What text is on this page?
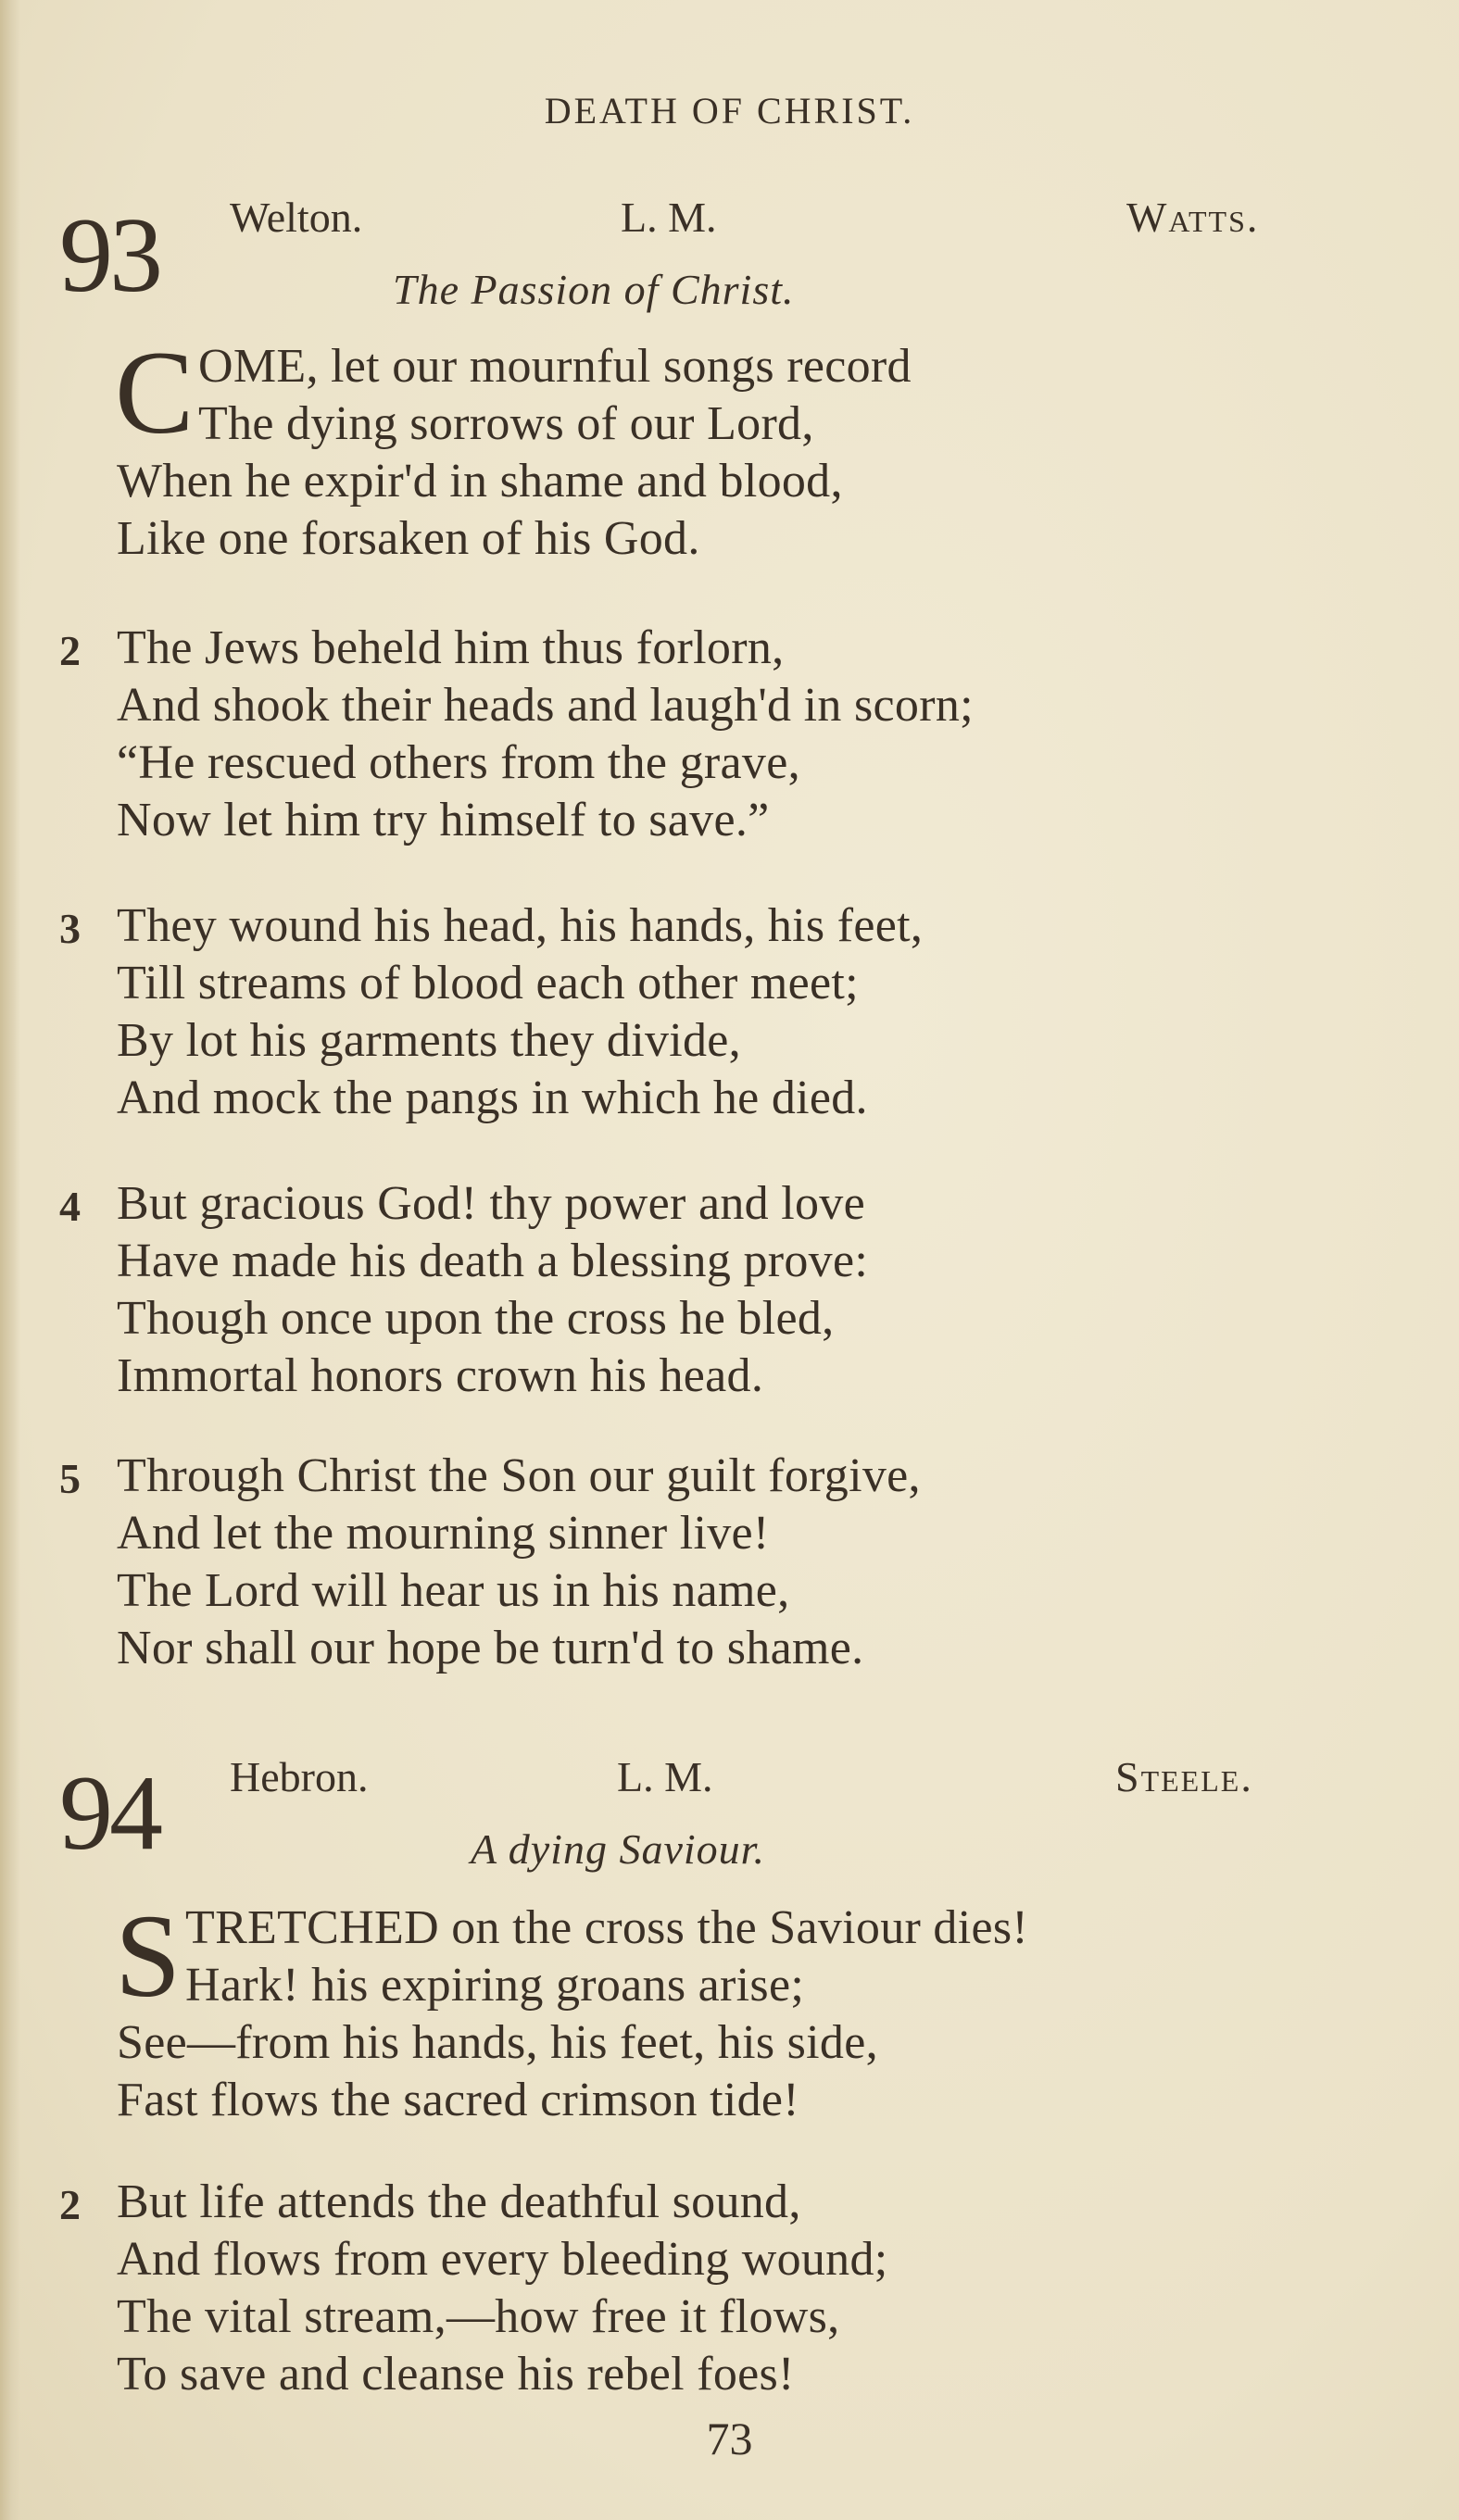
DEATH OF CHRIST.
93 Welton.	L. M.	Watts.
The Passion of Christ.
C OME, let our mournful songs record
The dying sorrows of our Lord,
When he expir'd in shame and blood,
Like one forsaken of his God.
2 The Jews beheld him thus forlorn,
And shook their heads and laugh'd in scorn;
“He rescued others from the grave,
Now let him try himself to save.”
3 They wound his head, his hands, his feet,
Till streams of blood each other meet;
By lot his garments they divide,
And mock the pangs in which he died.
4 But gracious God! thy power and love
Have made his death a blessing prove:
Though once upon the cross he bled,
Immortal honors crown his head.
5 Through Christ the Son our guilt forgive,
And let the mourning sinner live!
The Lord will hear us in his name,
Nor shall our hope be turn'd to shame.
94 Hebron.	L. M.	Steele.
A dying Saviour.
S TRETCHED on the cross the Saviour dies!
Hark! his expiring groans arise;
See—from his hands, his feet, his side,
Fast flows the sacred crimson tide!
2 But life attends the deathful sound,
And flows from every bleeding wound;
The vital stream,—how free it flows,
To save and cleanse his rebel foes!
73
